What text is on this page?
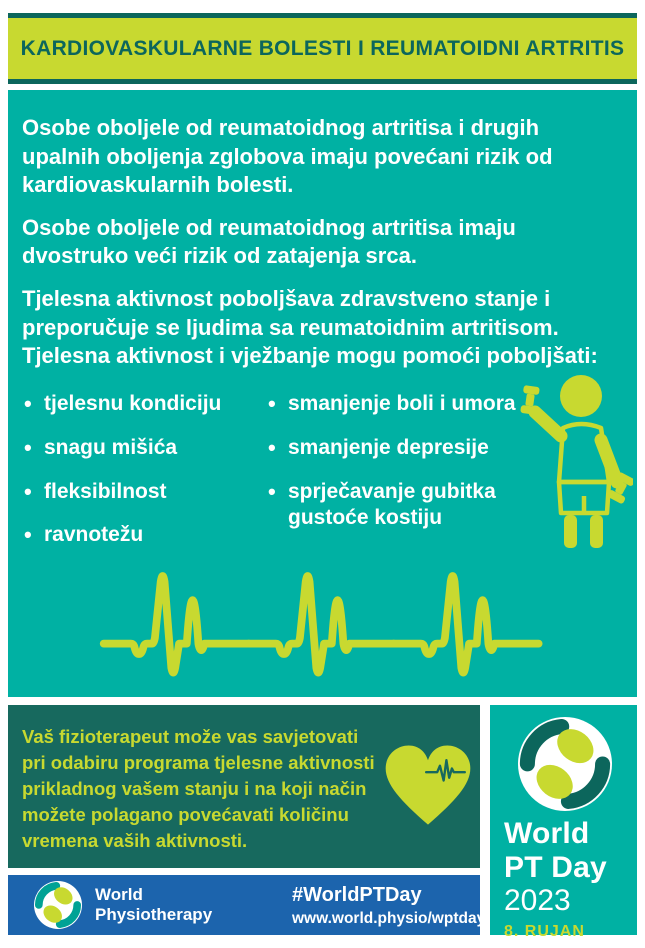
KARDIOVASKULARNE BOLESTI I REUMATOIDNI ARTRITIS

Osobe oboljele od reumatoidnog artritisa i drugih upalnih oboljenja zglobova imaju povećani rizik od kardiovaskularnih bolesti.

Osobe oboljele od reumatoidnog artritisa imaju dvostruko veći rizik od zatajenja srca.

Tjelesna aktivnost poboljšava zdravstveno stanje i preporučuje se ljudima sa reumatoidnim artritisom. Tjelesna aktivnost i vježbanje mogu pomoći poboljšati:

• tjelesnu kondiciju
• snagu mišića
• fleksibilnost
• ravnotežu
• smanjenje boli i umora
• smanjenje depresije
• sprječavanje gubitka gustoće kostiju

Vaš fizioterapeut može vas savjetovati pri odabiru programa tjelesne aktivnosti prikladnog vašem stanju i na koji način možete polagano povećavati količinu vremena vaših aktivnosti.	World
PT Day
2023
8. RUJAN
World
Physiotherapy
#WorldPTDay
www.world.physio/wptday
